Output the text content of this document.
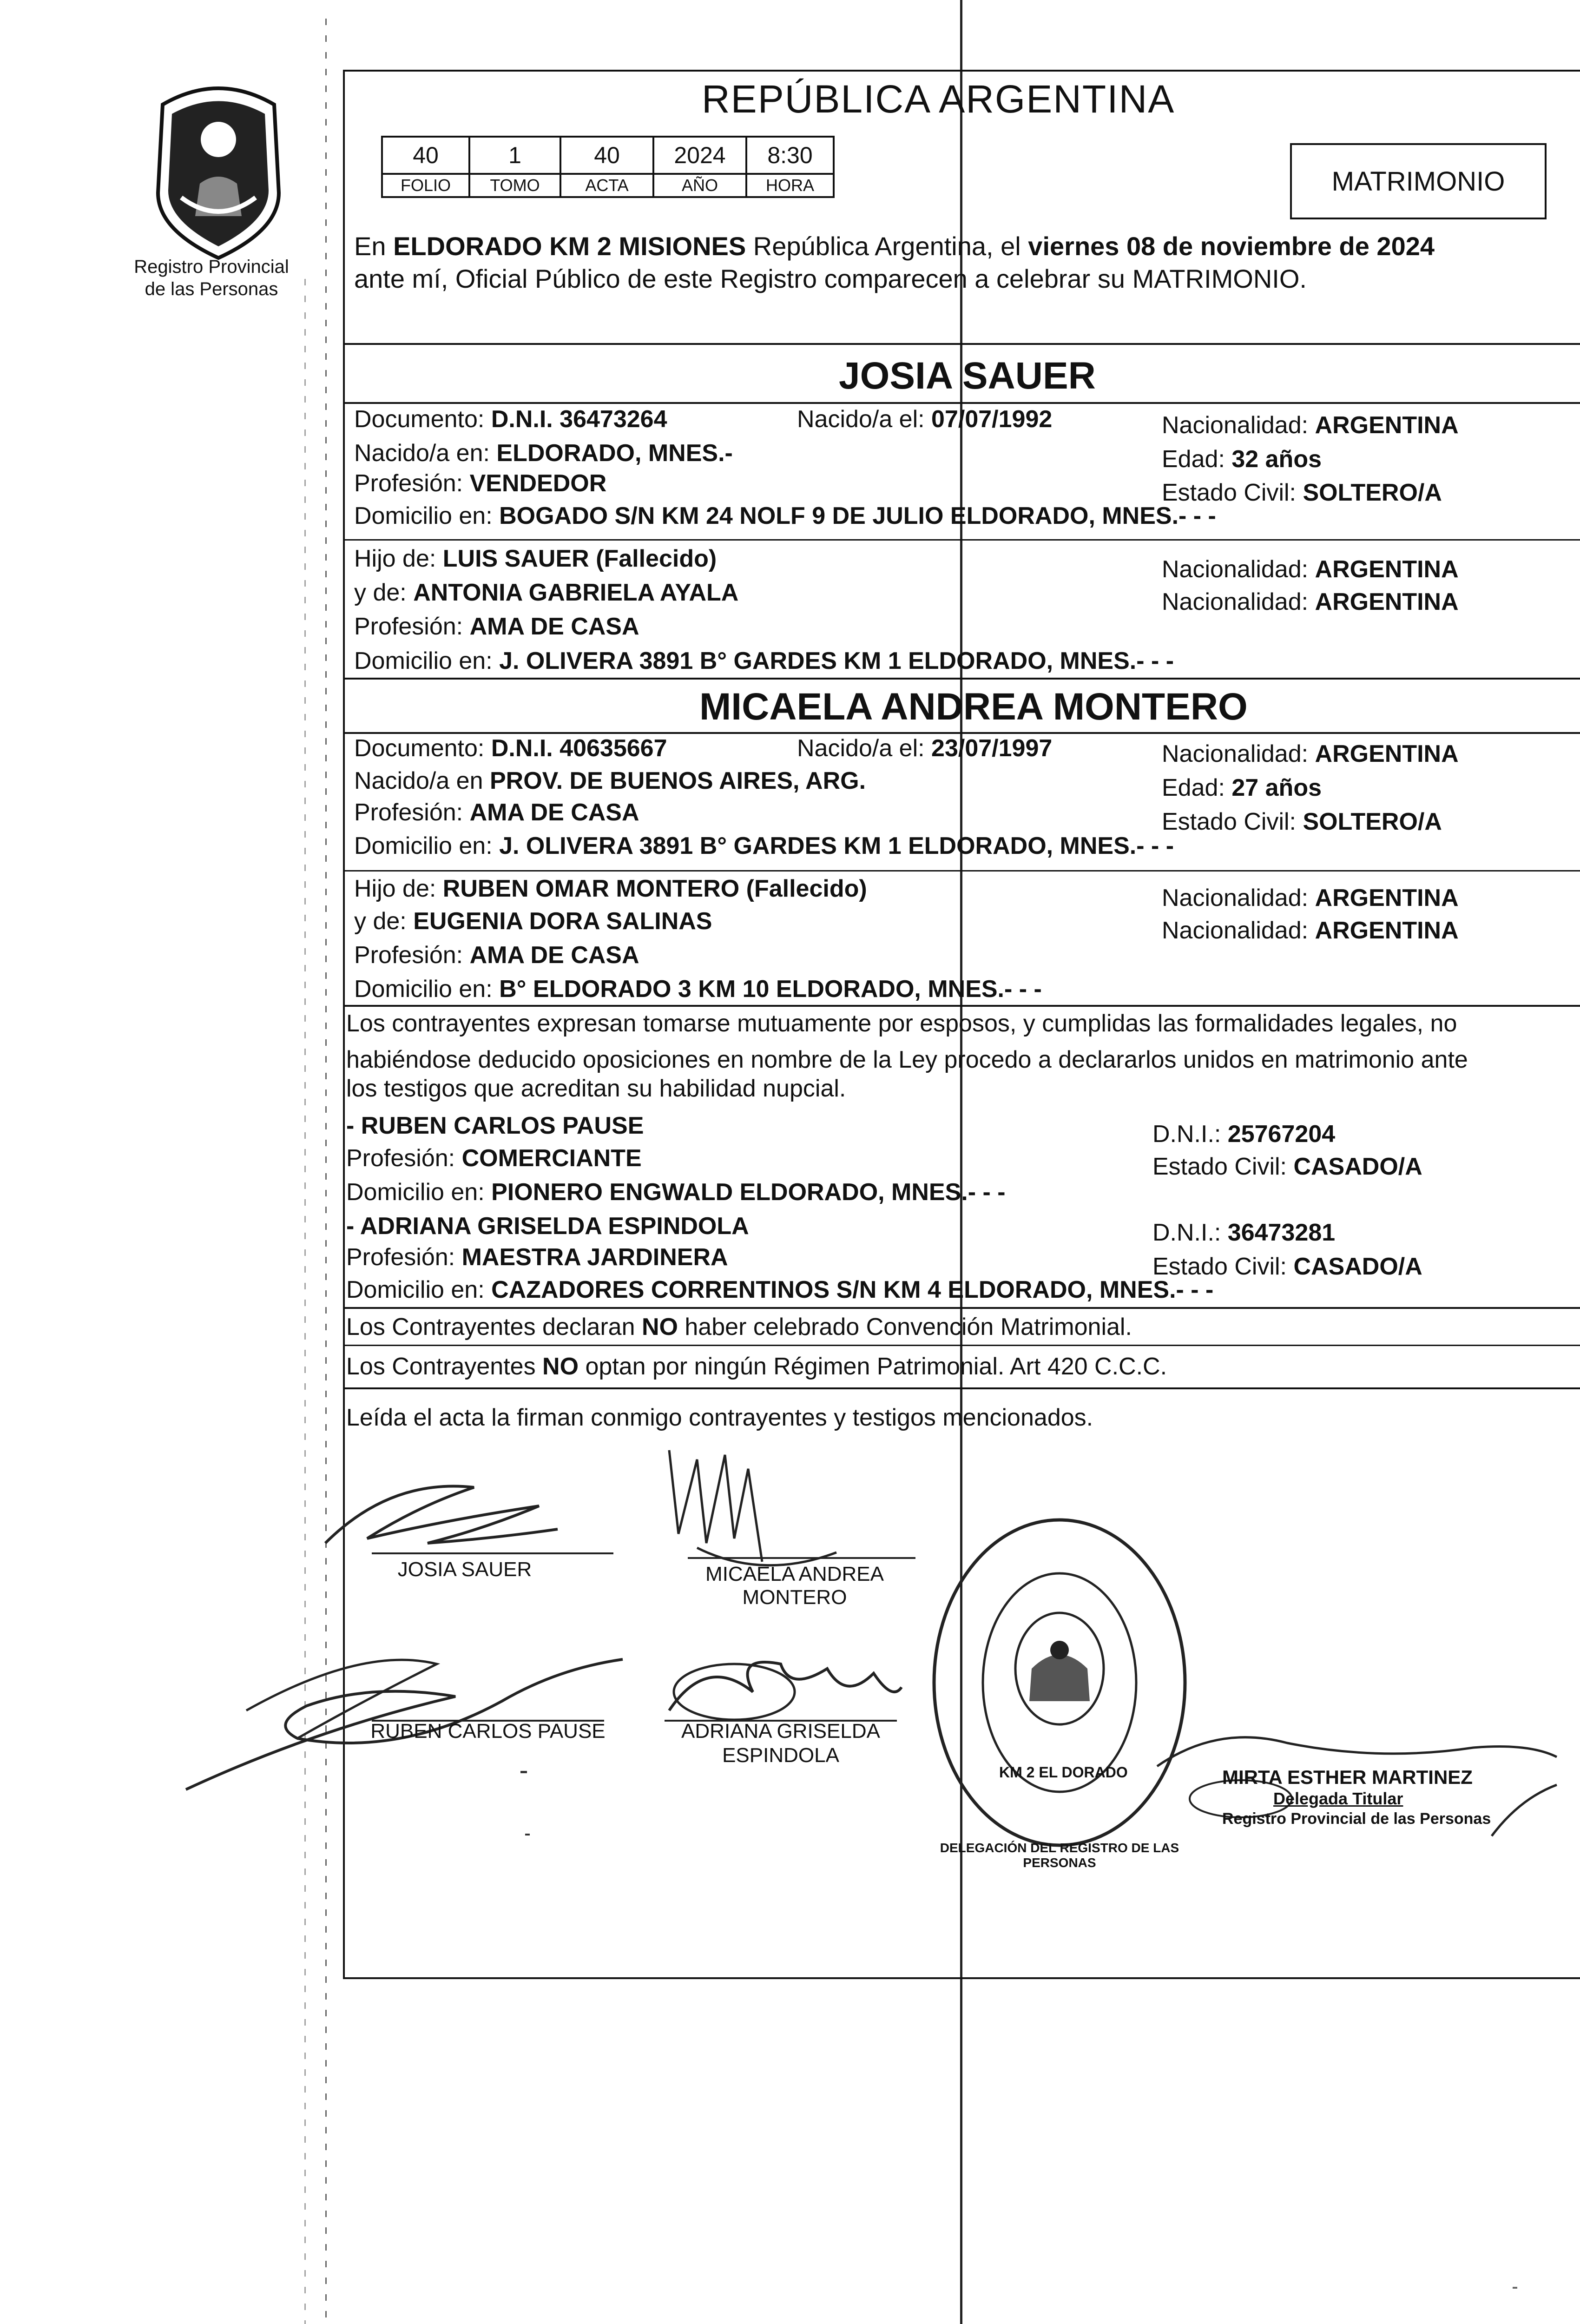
Registro Provincial
de las Personas
REPÚBLICA ARGENTINA
40	1	40	2024	8:30
FOLIO	TOMO	ACTA	AÑO	HORA	MATRIMONIO
En ELDORADO KM 2 MISIONES República Argentina, el viernes 08 de noviembre de 2024
ante mí, Oficial Público de este Registro comparecen a celebrar su MATRIMONIO.
JOSIA SAUER
Documento: D.N.I. 36473264	Nacido/a el: 07/07/1992	Nacionalidad: ARGENTINA
Nacido/a en: ELDORADO, MNES.-	Edad: 32 años
Profesión: VENDEDOR	Estado Civil: SOLTERO/A
Domicilio en: BOGADO S/N KM 24 NOLF 9 DE JULIO ELDORADO, MNES.- - -
Hijo de: LUIS SAUER (Fallecido)	Nacionalidad: ARGENTINA
y de: ANTONIA GABRIELA AYALA	Nacionalidad: ARGENTINA
Profesión: AMA DE CASA
Domicilio en: J. OLIVERA 3891 B° GARDES KM 1 ELDORADO, MNES.- - -
MICAELA ANDREA MONTERO
Documento: D.N.I. 40635667	Nacido/a el: 23/07/1997	Nacionalidad: ARGENTINA
Nacido/a en PROV. DE BUENOS AIRES, ARG.	Edad: 27 años
Profesión: AMA DE CASA	Estado Civil: SOLTERO/A
Domicilio en: J. OLIVERA 3891 B° GARDES KM 1 ELDORADO, MNES.- - -
Hijo de: RUBEN OMAR MONTERO (Fallecido)	Nacionalidad: ARGENTINA
y de: EUGENIA DORA SALINAS	Nacionalidad: ARGENTINA
Profesión: AMA DE CASA
Domicilio en: B° ELDORADO 3 KM 10 ELDORADO, MNES.- - -
Los contrayentes expresan tomarse mutuamente por esposos, y cumplidas las formalidades legales, no
habiéndose deducido oposiciones en nombre de la Ley procedo a declararlos unidos en matrimonio ante
los testigos que acreditan su habilidad nupcial.
- RUBEN CARLOS PAUSE	D.N.I.: 25767204
Profesión: COMERCIANTE	Estado Civil: CASADO/A
Domicilio en: PIONERO ENGWALD ELDORADO, MNES.- - -
- ADRIANA GRISELDA ESPINDOLA	D.N.I.: 36473281
Profesión: MAESTRA JARDINERA	Estado Civil: CASADO/A
Domicilio en: CAZADORES CORRENTINOS S/N KM 4 ELDORADO, MNES.- - -
Los Contrayentes declaran NO haber celebrado Convención Matrimonial.
Los Contrayentes NO optan por ningún Régimen Patrimonial. Art 420 C.C.C.
Leída el acta la firman conmigo contrayentes y testigos mencionados.
JOSIA SAUER	MICAELA ANDREA
MONTERO
RUBEN CARLOS PAUSE	ADRIANA GRISELDA
ESPINDOLA
DELEGACIÓN DEL REGISTRO DE LAS PERSONAS
KM 2 EL DORADO	MIRTA ESTHER MARTINEZ
Delegada Titular
Registro Provincial de las Personas
